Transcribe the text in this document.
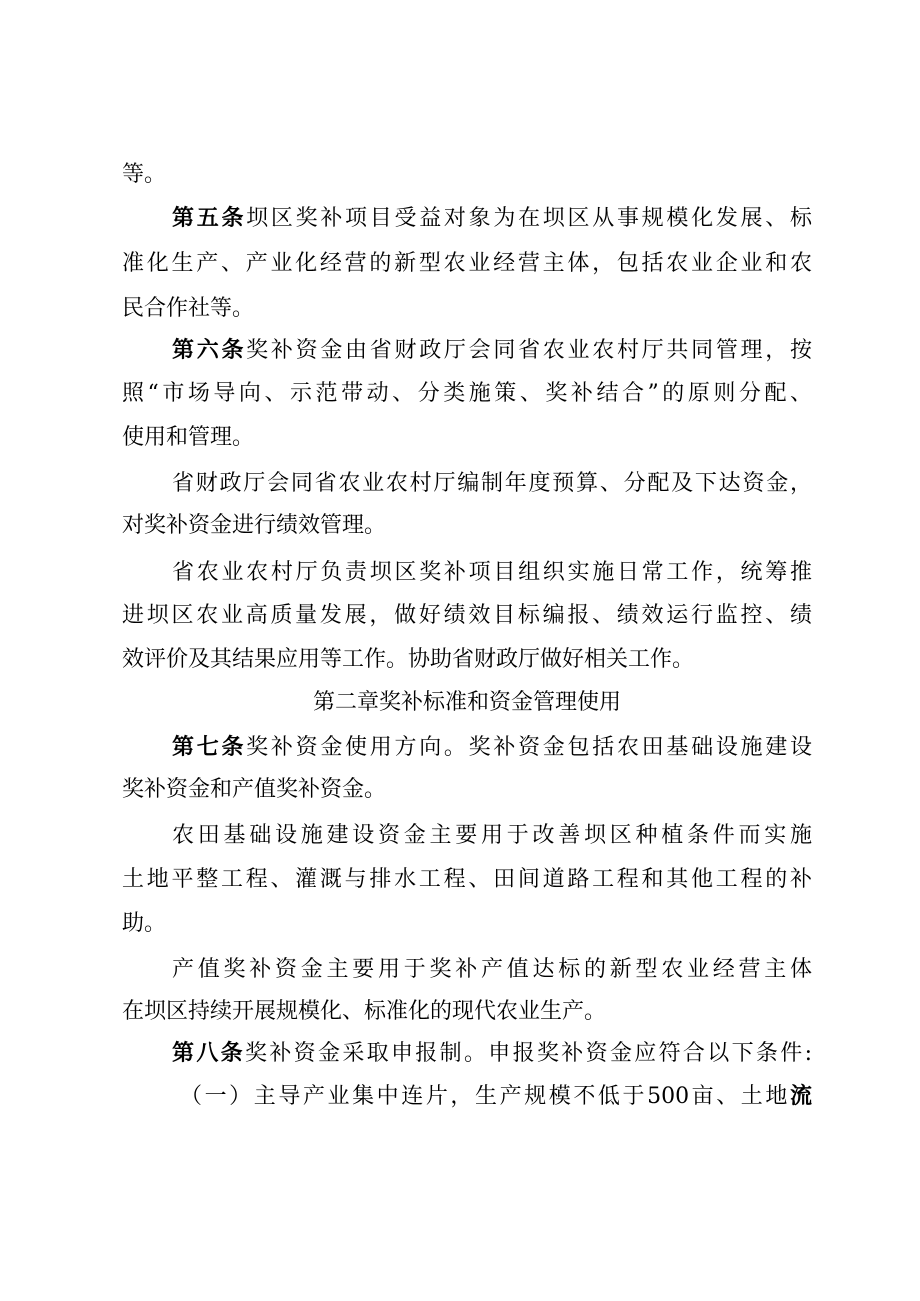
等。
第五条坝区奖补项目受益对象为在坝区从事规模化发展、标
准化生产、产业化经营的新型农业经营主体，包括农业企业和农
民合作社等。
第六条奖补资金由省财政厅会同省农业农村厅共同管理，按
照“市场导向、示范带动、分类施策、奖补结合”的原则分配、
使用和管理。
省财政厅会同省农业农村厅编制年度预算、分配及下达资金，
对奖补资金进行绩效管理。
省农业农村厅负责坝区奖补项目组织实施日常工作，统筹推
进坝区农业高质量发展，做好绩效目标编报、绩效运行监控、绩
效评价及其结果应用等工作。协助省财政厅做好相关工作。
第二章奖补标准和资金管理使用
第七条奖补资金使用方向。奖补资金包括农田基础设施建设
奖补资金和产值奖补资金。
农田基础设施建设资金主要用于改善坝区种植条件而实施
土地平整工程、灌溉与排水工程、田间道路工程和其他工程的补
助。
产值奖补资金主要用于奖补产值达标的新型农业经营主体
在坝区持续开展规模化、标准化的现代农业生产。
第八条奖补资金采取申报制。申报奖补资金应符合以下条件:
（一）主导产业集中连片，生产规模不低于500亩、土地流
